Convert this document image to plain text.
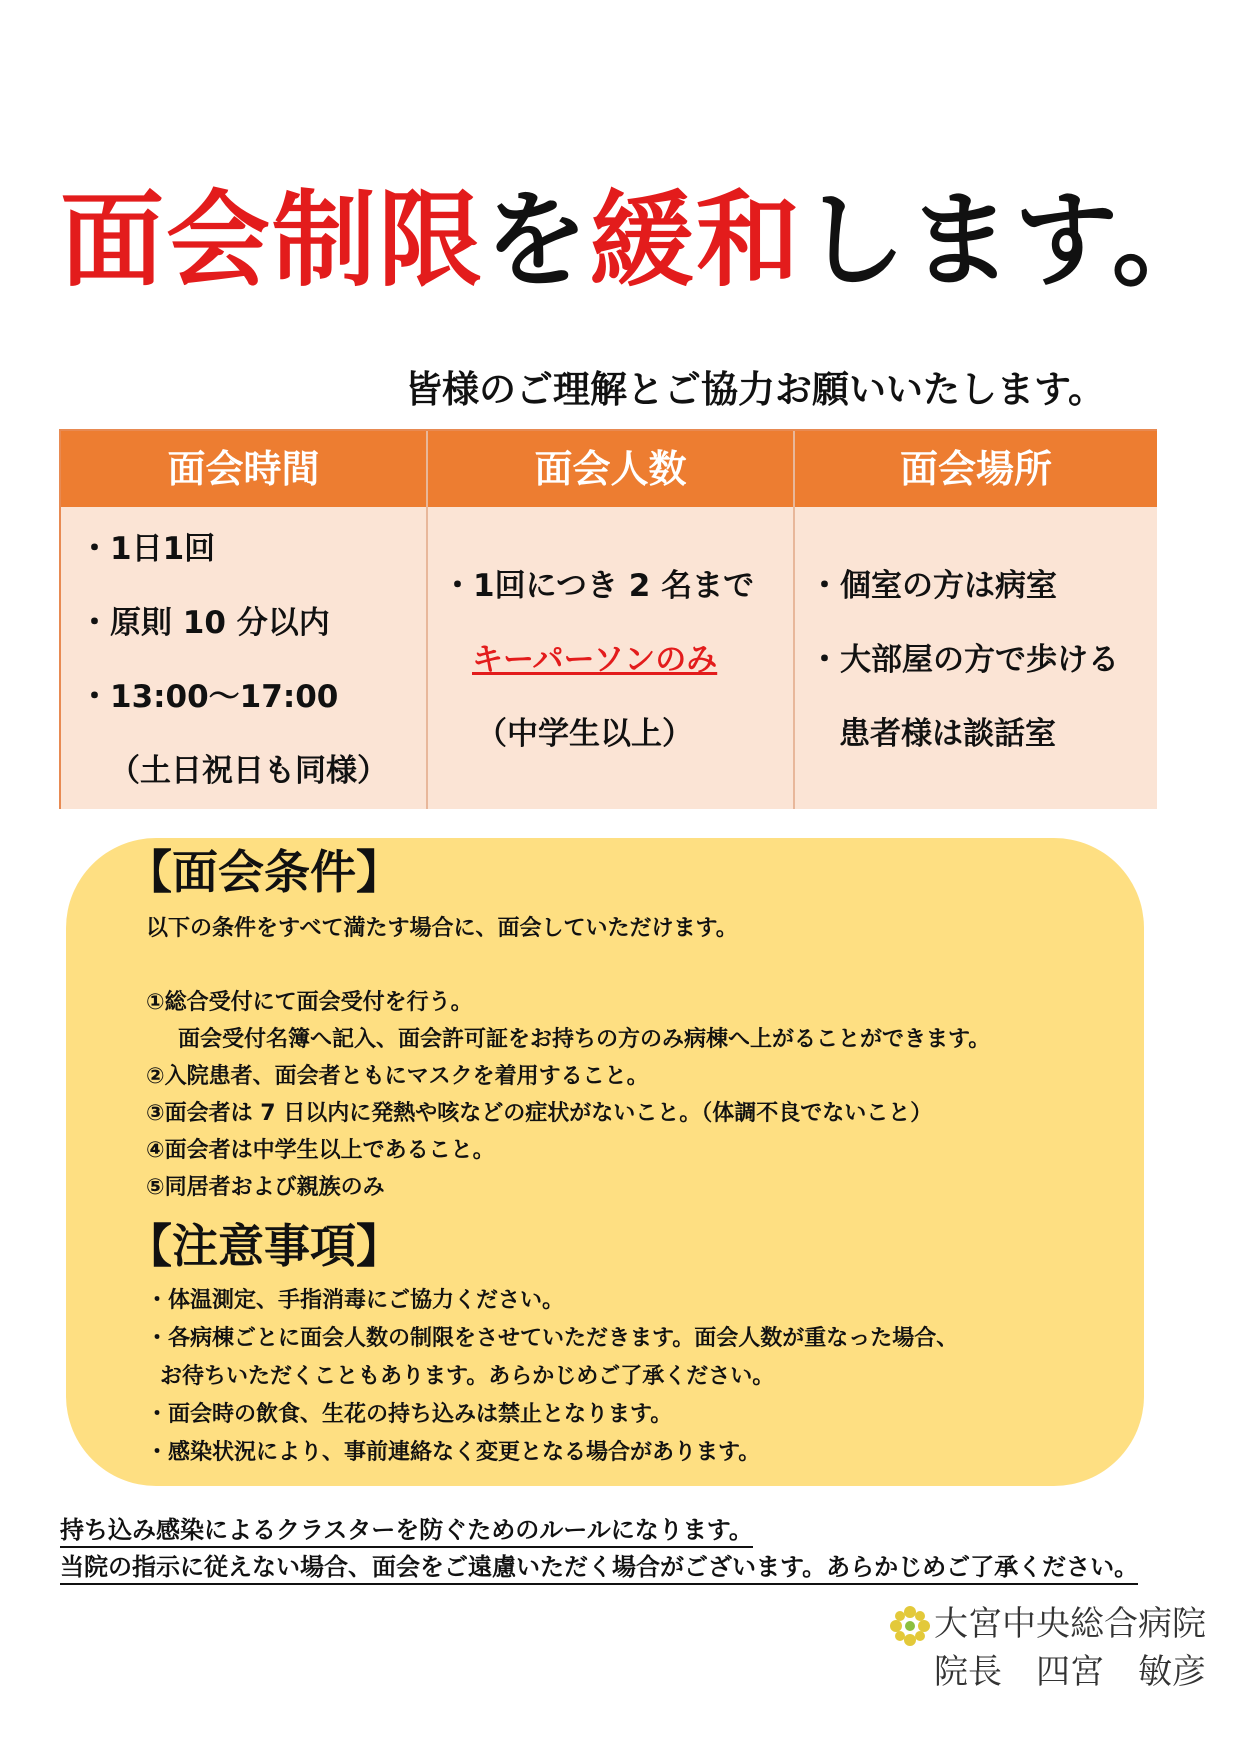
面会制限を緩和します。
皆様のご理解とご協力お願いいたします。
面会時間	面会人数	面会場所
・1日1回
・原則 10 分以内
・13:00～17:00
（土日祝日も同様）
・1回につき 2 名まで
キーパーソンのみ
（中学生以上）
・個室の方は病室
・大部屋の方で歩ける
患者様は談話室
【面会条件】
以下の条件をすべて満たす場合に、面会していただけます。
①総合受付にて面会受付を行う。
面会受付名簿へ記入、面会許可証をお持ちの方のみ病棟へ上がることができます。
②入院患者、面会者ともにマスクを着用すること。
③面会者は 7 日以内に発熱や咳などの症状がないこと。（体調不良でないこと）
④面会者は中学生以上であること。
⑤同居者および親族のみ
【注意事項】
・体温測定、手指消毒にご協力ください。
・各病棟ごとに面会人数の制限をさせていただきます。面会人数が重なった場合、
お待ちいただくこともあります。あらかじめご了承ください。
・面会時の飲食、生花の持ち込みは禁止となります。
・感染状況により、事前連絡なく変更となる場合があります。
持ち込み感染によるクラスターを防ぐためのルールになります。
当院の指示に従えない場合、面会をご遠慮いただく場合がございます。あらかじめご了承ください。
大宮中央総合病院
院長　四宮　敏彦
